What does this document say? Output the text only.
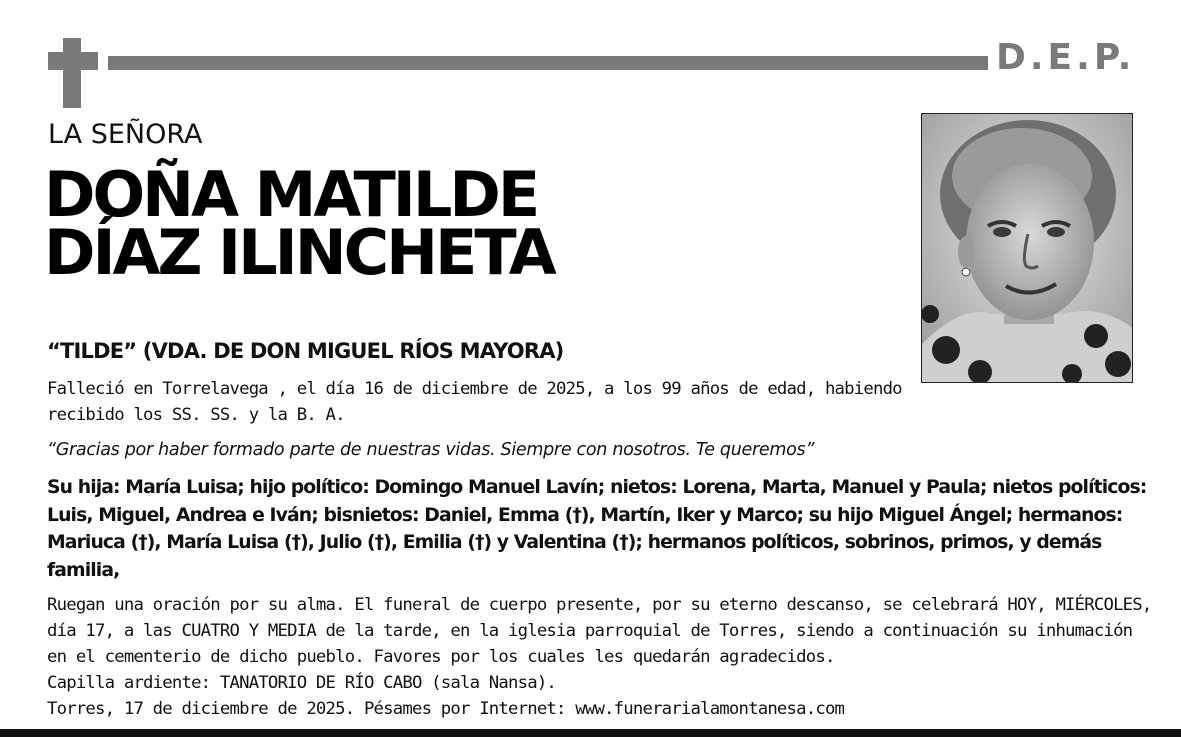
D.E.P.
LA SEÑORA
DOÑA MATILDE
DÍAZ ILINCHETA
“TILDE” (VDA. DE DON MIGUEL RÍOS MAYORA)
Falleció en Torrelavega , el día 16 de diciembre de 2025, a los 99 años de edad, habiendo recibido los SS. SS. y la B. A.
“Gracias por haber formado parte de nuestras vidas. Siempre con nosotros. Te queremos”
Su hija: María Luisa; hijo político: Domingo Manuel Lavín; nietos: Lorena, Marta, Manuel y Paula; nietos políticos: Luis, Miguel, Andrea e Iván; bisnietos: Daniel, Emma (†), Martín, Iker y Marco; su hijo Miguel Ángel; hermanos: Mariuca (†), María Luisa (†), Julio (†), Emilia (†) y Valentina (†); hermanos políticos, sobrinos, primos, y demás familia,
Ruegan una oración por su alma. El funeral de cuerpo presente, por su eterno descanso, se celebrará HOY, MIÉRCOLES, día 17, a las CUATRO Y MEDIA de la tarde, en la iglesia parroquial de Torres, siendo a continuación su inhumación en el cementerio de dicho pueblo. Favores por los cuales les quedarán agradecidos.
Capilla ardiente: TANATORIO DE RÍO CABO (sala Nansa).
Torres, 17 de diciembre de 2025. Pésames por Internet: www.funerarialamontanesa.com
